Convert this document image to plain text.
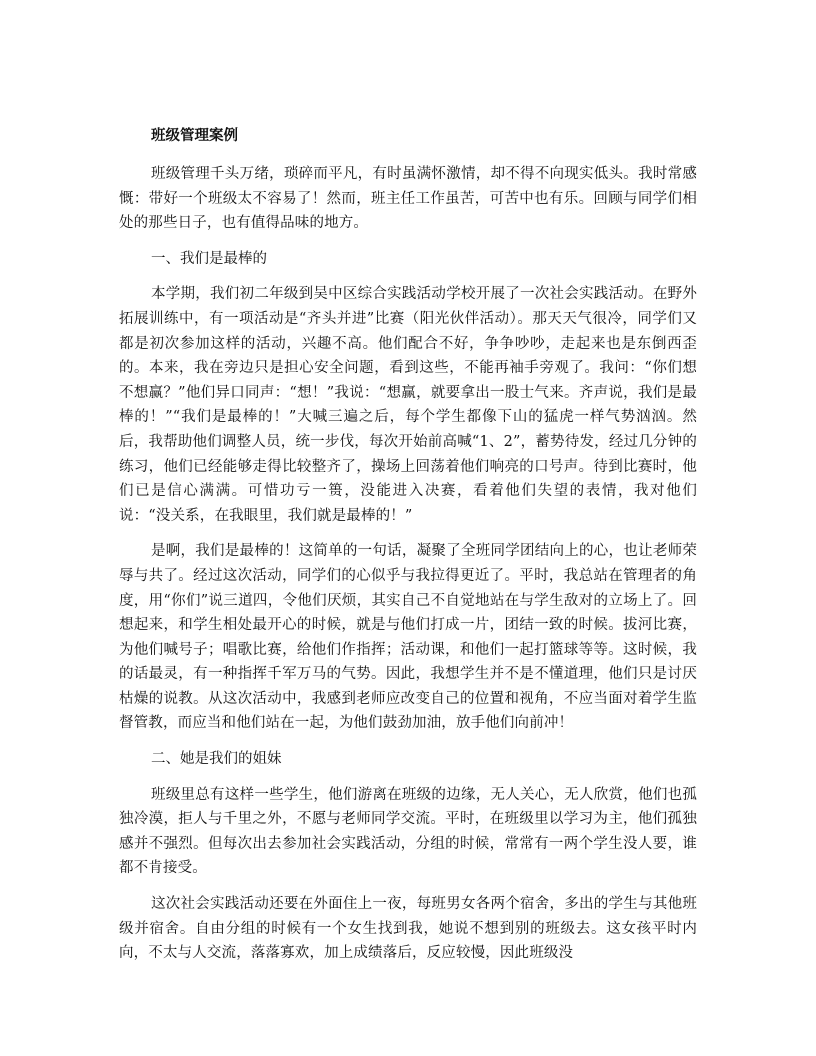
班级管理案例

班级管理千头万绪，琐碎而平凡，有时虽满怀激情，却不得不向现实低头。我时常感慨：带好一个班级太不容易了！然而，班主任工作虽苦，可苦中也有乐。回顾与同学们相处的那些日子，也有值得品味的地方。

一、我们是最棒的

本学期，我们初二年级到吴中区综合实践活动学校开展了一次社会实践活动。在野外拓展训练中，有一项活动是“齐头并进”比赛（阳光伙伴活动）。那天天气很冷，同学们又都是初次参加这样的活动，兴趣不高。他们配合不好，争争吵吵，走起来也是东倒西歪的。本来，我在旁边只是担心安全问题，看到这些，不能再袖手旁观了。我问：“你们想不想赢？”他们异口同声：“想！”我说：“想赢，就要拿出一股士气来。齐声说，我们是最棒的！”“我们是最棒的！”大喊三遍之后，每个学生都像下山的猛虎一样气势汹汹。然后，我帮助他们调整人员，统一步伐，每次开始前高喊“1、2”，蓄势待发，经过几分钟的练习，他们已经能够走得比较整齐了，操场上回荡着他们响亮的口号声。待到比赛时，他们已是信心满满。可惜功亏一篑，没能进入决赛，看着他们失望的表情，我对他们说：“没关系，在我眼里，我们就是最棒的！”

是啊，我们是最棒的！这简单的一句话，凝聚了全班同学团结向上的心，也让老师荣辱与共了。经过这次活动，同学们的心似乎与我拉得更近了。平时，我总站在管理者的角度，用“你们”说三道四，令他们厌烦，其实自己不自觉地站在与学生敌对的立场上了。回想起来，和学生相处最开心的时候，就是与他们打成一片，团结一致的时候。拔河比赛，为他们喊号子；唱歌比赛，给他们作指挥；活动课，和他们一起打篮球等等。这时候，我的话最灵，有一种指挥千军万马的气势。因此，我想学生并不是不懂道理，他们只是讨厌枯燥的说教。从这次活动中，我感到老师应改变自己的位置和视角，不应当面对着学生监督管教，而应当和他们站在一起，为他们鼓劲加油，放手他们向前冲！

二、她是我们的姐妹

班级里总有这样一些学生，他们游离在班级的边缘，无人关心，无人欣赏，他们也孤独冷漠，拒人与千里之外，不愿与老师同学交流。平时，在班级里以学习为主，他们孤独感并不强烈。但每次出去参加社会实践活动，分组的时候，常常有一两个学生没人要，谁都不肯接受。

这次社会实践活动还要在外面住上一夜，每班男女各两个宿舍，多出的学生与其他班级并宿舍。自由分组的时候有一个女生找到我，她说不想到别的班级去。这女孩平时内向，不太与人交流，落落寡欢，加上成绩落后，反应较慢，因此班级没
